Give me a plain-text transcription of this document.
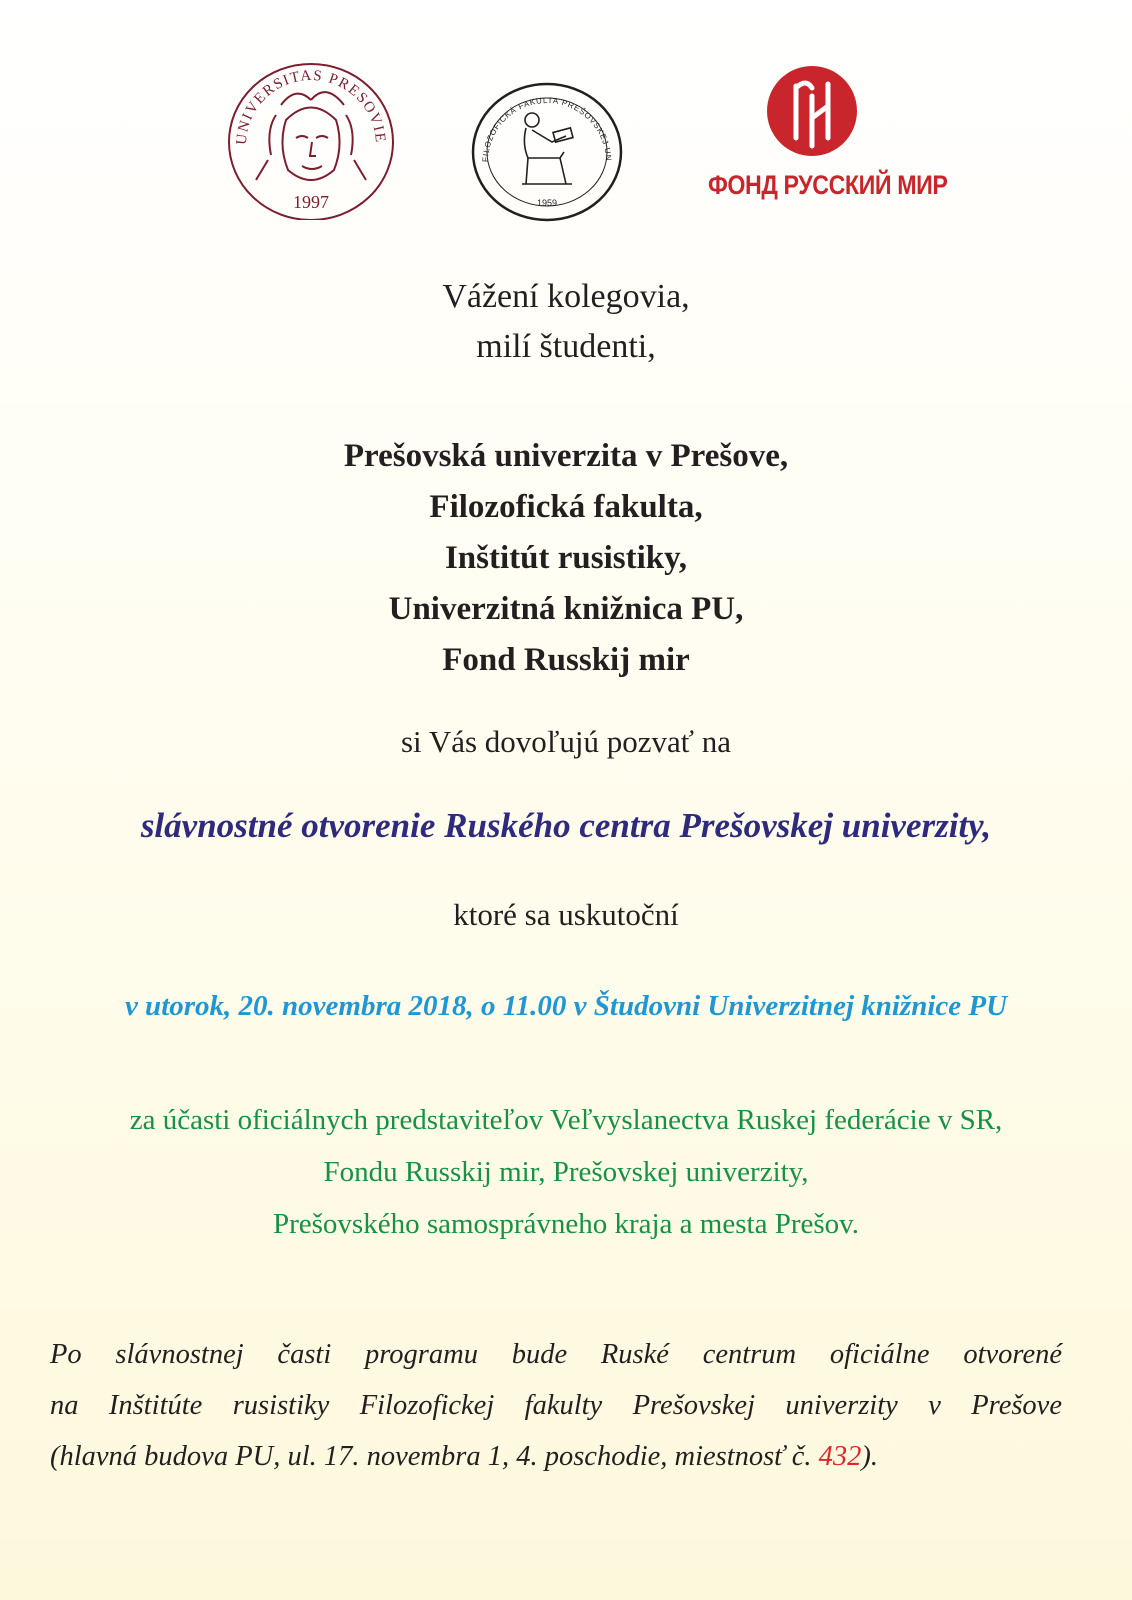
UNIVERSITAS PRESOVIE
1997
FILOZOFICKÁ FAKULTA PREŠOVSKEJ UN
1959
ФОНД РУССКИЙ МИР
Vážení kolegovia,
milí študenti,
Prešovská univerzita v Prešove,
Filozofická fakulta,
Inštitút rusistiky,
Univerzitná knižnica PU,
Fond Russkij mir
si Vás dovoľujú pozvať na
slávnostné otvorenie Ruského centra Prešovskej univerzity,
ktoré sa uskutoční
v utorok, 20. novembra 2018, o 11.00 v Študovni Univerzitnej knižnice PU
za účasti oficiálnych predstaviteľov Veľvyslanectva Ruskej federácie v SR,
Fondu Russkij mir, Prešovskej univerzity,
Prešovského samosprávneho kraja a mesta Prešov.
Po slávnostnej časti programu bude Ruské centrum oficiálne otvorené
na Inštitúte rusistiky Filozofickej fakulty Prešovskej univerzity v Prešove
(hlavná budova PU, ul. 17. novembra 1, 4. poschodie, miestnosť č. 432).
